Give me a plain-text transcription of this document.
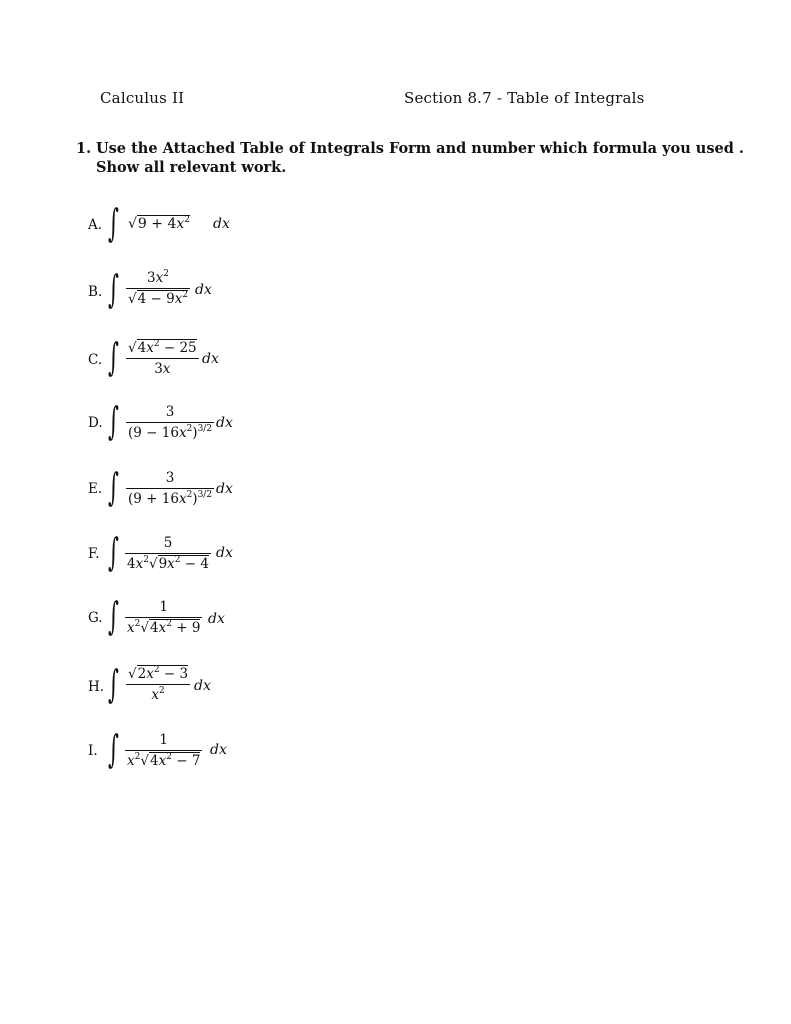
Calculus II	Section 8.7 - Table of Integrals
1. Use the Attached Table of Integrals Form and number which formula you used .
Show all relevant work.
A. ∫ $√9 + 4x^2$ dx
B. ∫	$3x^2$
$√4 - 9x^2$ dx
C. ∫ $√4x^2 - 25$
3x
dx
D. ∫	3
$(9 - 16x^2)^{3/2}$ dx
E. ∫	3
$(9 + 16x^2)^{3/2}$ dx
F. ∫	5
$4x^2√9x^2 - 4$
dx
G. ∫	1
$x^2√4x^2 + 9$
dx
H. ∫ $√2x^2 - 3$
$x^2$	dx
I. ∫	1
$x^2√4x^2 - 7$
dx
